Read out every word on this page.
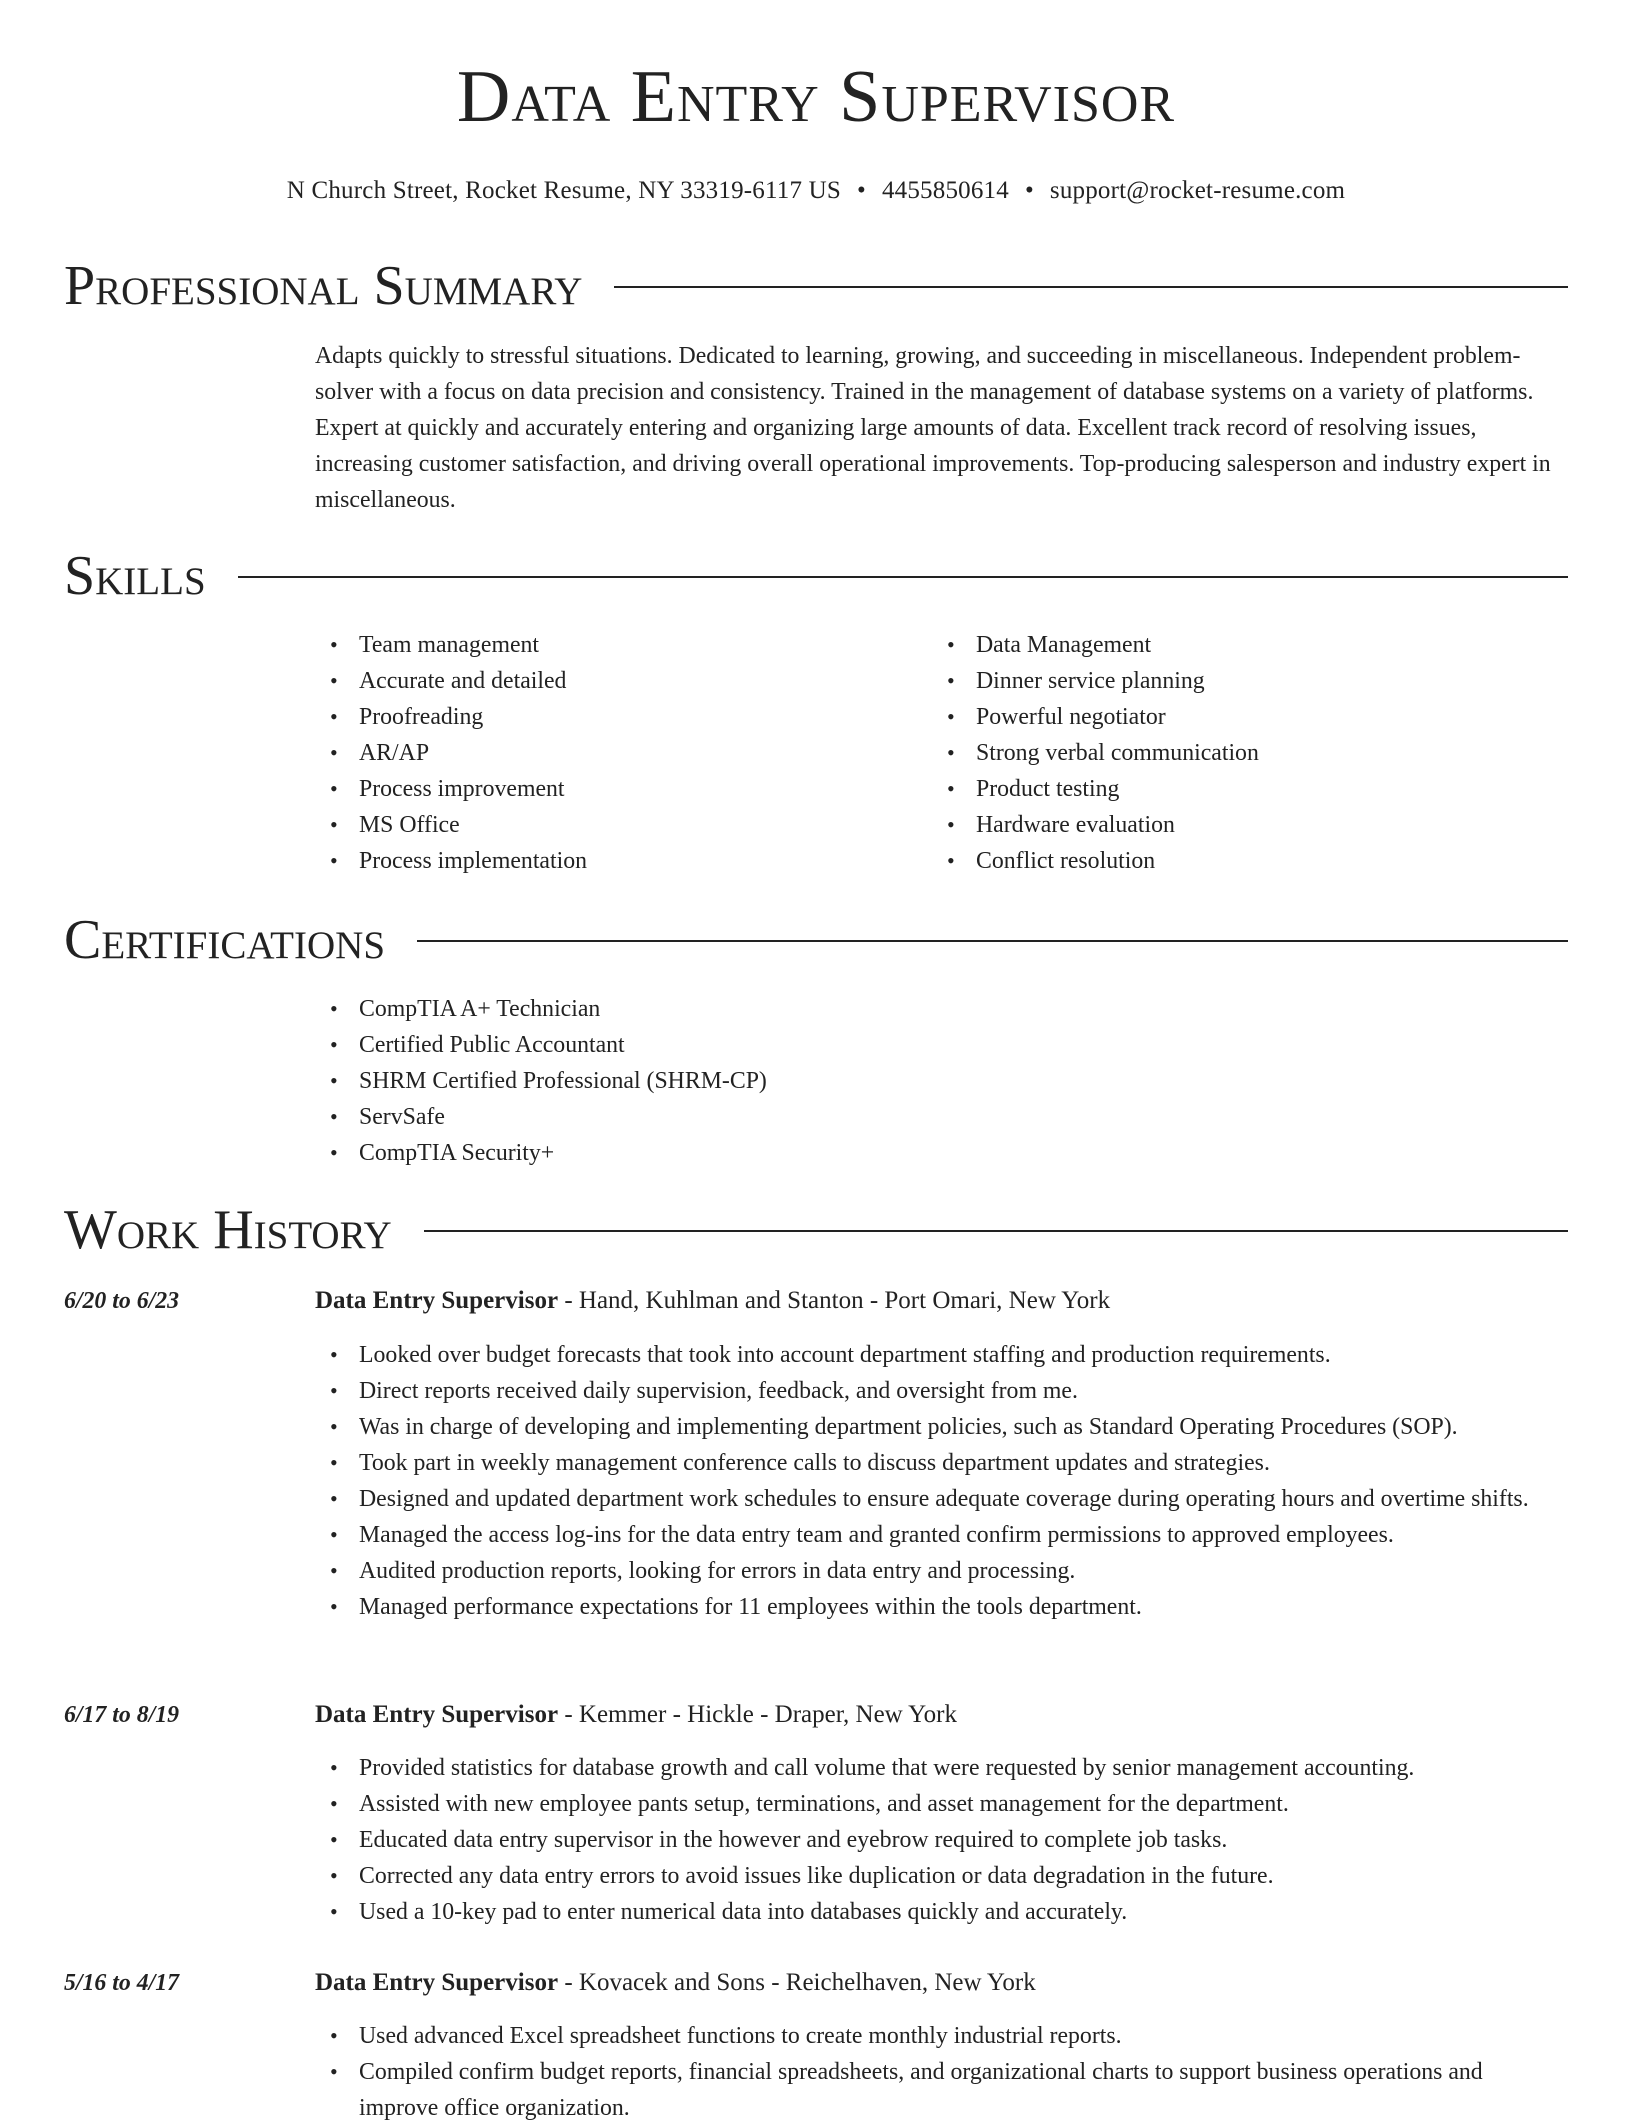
Data Entry Supervisor
N Church Street, Rocket Resume, NY 33319-6117 US • 4455850614 • support@rocket-resume.com
Professional Summary

Adapts quickly to stressful situations. Dedicated to learning, growing, and succeeding in miscellaneous. Independent problem-solver with a focus on data precision and consistency. Trained in the management of database systems on a variety of platforms. Expert at quickly and accurately entering and organizing large amounts of data. Excellent track record of resolving issues, increasing customer satisfaction, and driving overall operational improvements. Top-producing salesperson and industry expert in miscellaneous.

Skills
• Team management
• Accurate and detailed
• Proofreading
• AR/AP
• Process improvement
• MS Office
• Process implementation
• Data Management
• Dinner service planning
• Powerful negotiator
• Strong verbal communication
• Product testing
• Hardware evaluation
• Conflict resolution
Certifications
• CompTIA A+ Technician
• Certified Public Accountant
• SHRM Certified Professional (SHRM-CP)
• ServSafe
• CompTIA Security+
Work History
6/20 to 6/23	Data Entry Supervisor - Hand, Kuhlman and Stanton - Port Omari, New York
• Looked over budget forecasts that took into account department staffing and production requirements.
• Direct reports received daily supervision, feedback, and oversight from me.
• Was in charge of developing and implementing department policies, such as Standard Operating Procedures (SOP).
• Took part in weekly management conference calls to discuss department updates and strategies.
• Designed and updated department work schedules to ensure adequate coverage during operating hours and overtime shifts.
• Managed the access log-ins for the data entry team and granted confirm permissions to approved employees.
• Audited production reports, looking for errors in data entry and processing.
• Managed performance expectations for 11 employees within the tools department.
6/17 to 8/19	Data Entry Supervisor - Kemmer - Hickle - Draper, New York
• Provided statistics for database growth and call volume that were requested by senior management accounting.
• Assisted with new employee pants setup, terminations, and asset management for the department.
• Educated data entry supervisor in the however and eyebrow required to complete job tasks.
• Corrected any data entry errors to avoid issues like duplication or data degradation in the future.
• Used a 10-key pad to enter numerical data into databases quickly and accurately.
5/16 to 4/17	Data Entry Supervisor - Kovacek and Sons - Reichelhaven, New York
• Used advanced Excel spreadsheet functions to create monthly industrial reports.
• Compiled confirm budget reports, financial spreadsheets, and organizational charts to support business operations and improve office organization.
